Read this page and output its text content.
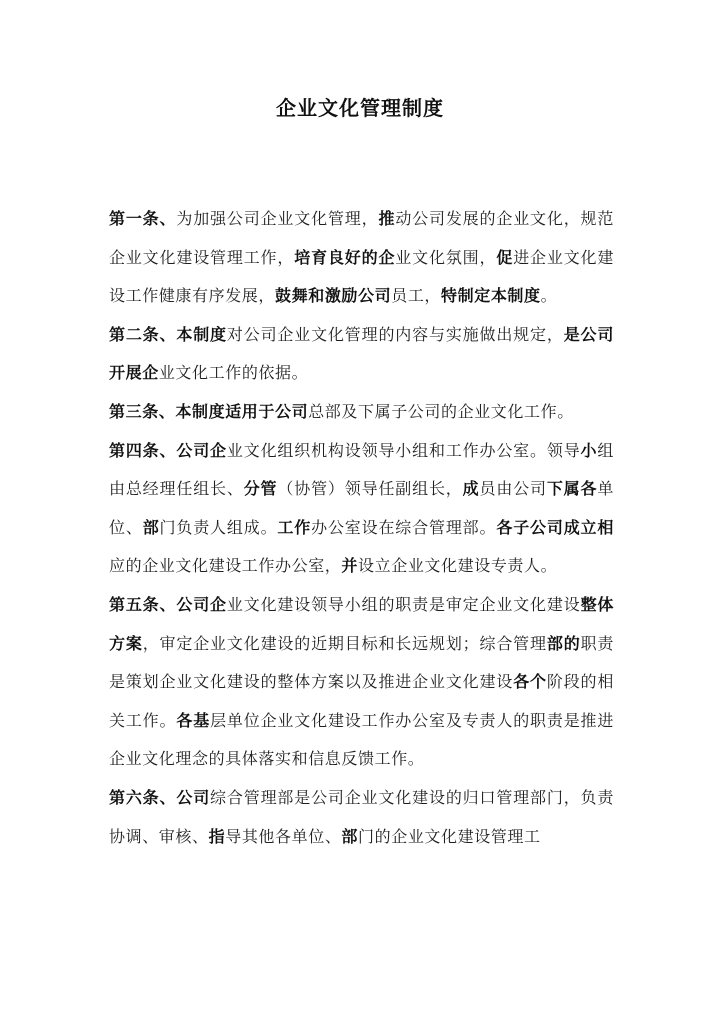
企业文化管理制度

第一条、为加强公司企业文化管理，推动公司发展的企业文化，规范企业文化建设管理工作，培育良好的企业文化氛围，促进企业文化建设工作健康有序发展，鼓舞和激励公司员工，特制定本制度。

第二条、本制度对公司企业文化管理的内容与实施做出规定，是公司开展企业文化工作的依据。

第三条、本制度适用于公司总部及下属子公司的企业文化工作。

第四条、公司企业文化组织机构设领导小组和工作办公室。领导小组由总经理任组长、分管（协管）领导任副组长，成员由公司下属各单位、部门负责人组成。工作办公室设在综合管理部。各子公司成立相应的企业文化建设工作办公室，并设立企业文化建设专责人。

第五条、公司企业文化建设领导小组的职责是审定企业文化建设整体方案，审定企业文化建设的近期目标和长远规划；综合管理部的职责是策划企业文化建设的整体方案以及推进企业文化建设各个阶段的相关工作。各基层单位企业文化建设工作办公室及专责人的职责是推进企业文化理念的具体落实和信息反馈工作。

第六条、公司综合管理部是公司企业文化建设的归口管理部门，负责协调、审核、指导其他各单位、部门的企业文化建设管理工
